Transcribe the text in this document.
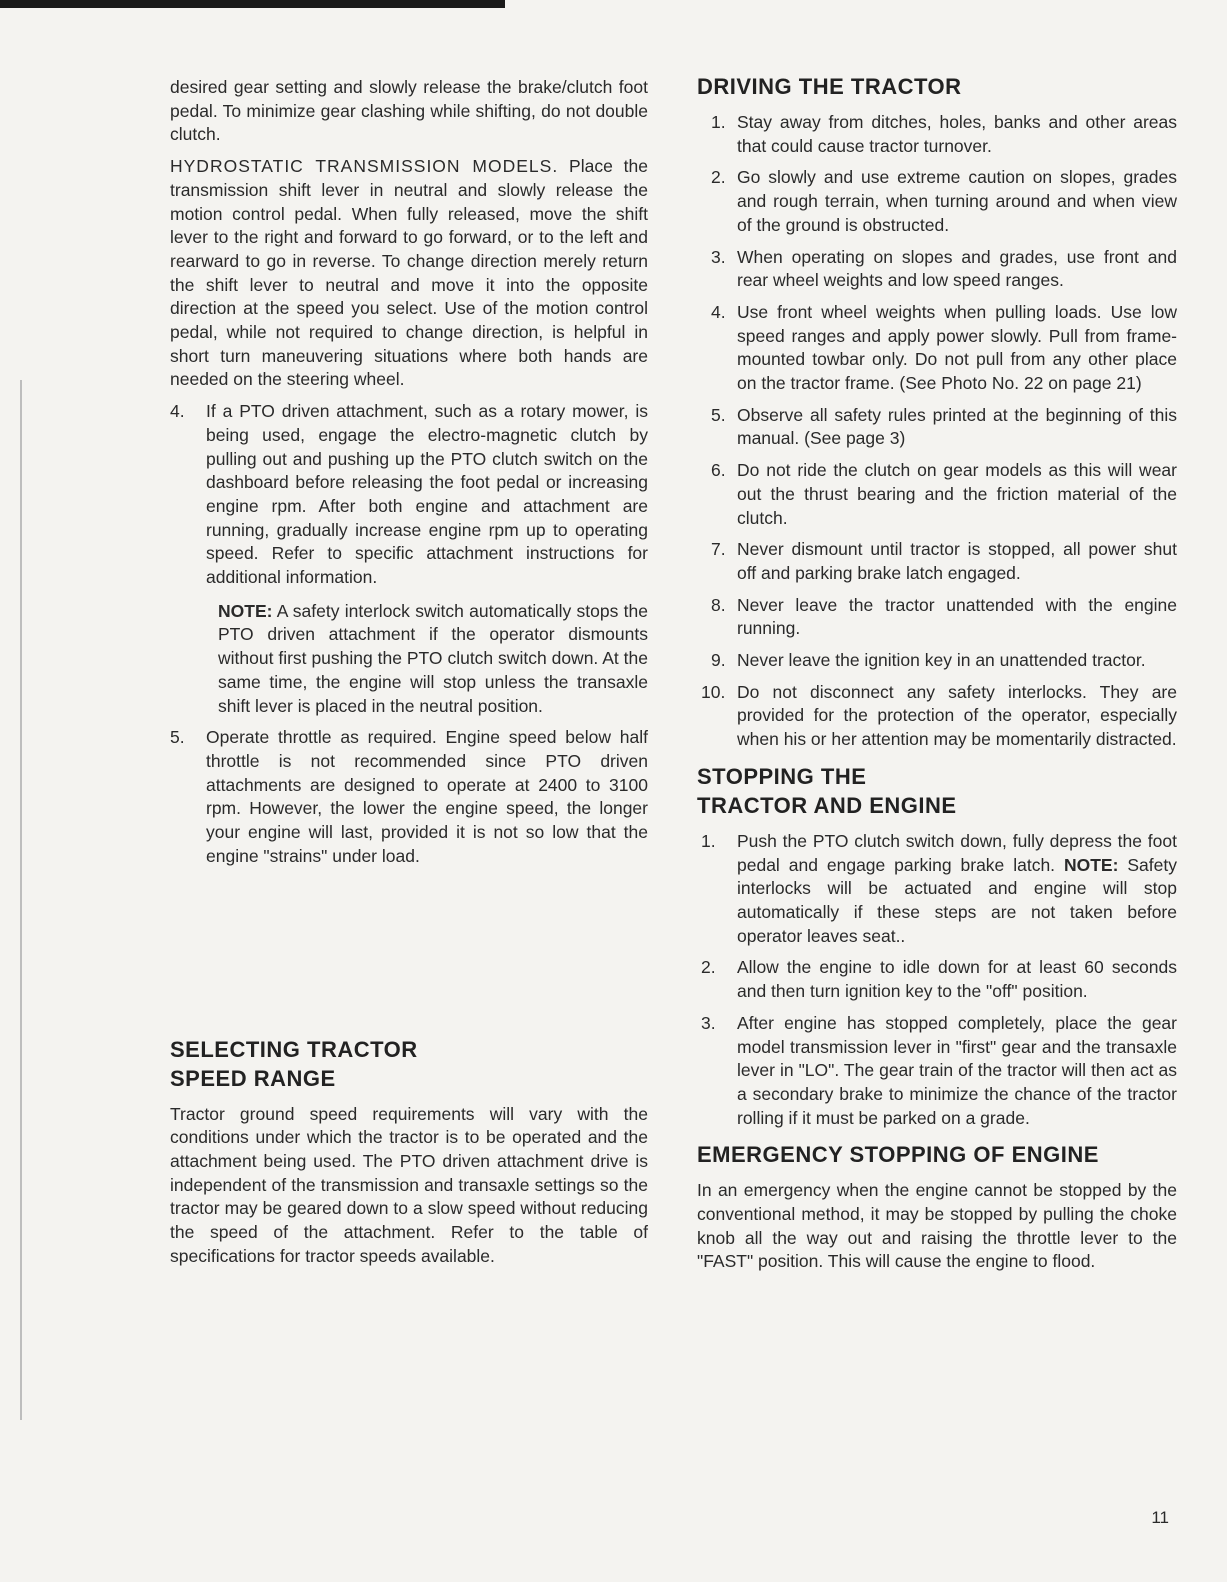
desired gear setting and slowly release the brake/clutch foot pedal. To minimize gear clashing while shifting, do not double clutch.

HYDROSTATIC TRANSMISSION MODELS. Place the transmission shift lever in neutral and slowly release the motion control pedal. When fully released, move the shift lever to the right and forward to go forward, or to the left and rearward to go in reverse. To change direction merely return the shift lever to neutral and move it into the opposite direction at the speed you select. Use of the motion control pedal, while not required to change direction, is helpful in short turn maneuvering situations where both hands are needed on the steering wheel.

4.	If a PTO driven attachment, such as a rotary mower, is being used, engage the electro-magnetic clutch by pulling out and pushing up the PTO clutch switch on the dashboard before releasing the foot pedal or increasing engine rpm. After both engine and attachment are running, gradually increase engine rpm up to operating speed. Refer to specific attachment instructions for additional information.

NOTE: A safety interlock switch automatically stops the PTO driven attachment if the operator dismounts without first pushing the PTO clutch switch down. At the same time, the engine will stop unless the transaxle shift lever is placed in the neutral position.

5.	Operate throttle as required. Engine speed below half throttle is not recommended since PTO driven attachments are designed to operate at 2400 to 3100 rpm. However, the lower the engine speed, the longer your engine will last, provided it is not so low that the engine "strains" under load.
SELECTING TRACTOR
SPEED RANGE

Tractor ground speed requirements will vary with the conditions under which the tractor is to be operated and the attachment being used. The PTO driven attachment drive is independent of the transmission and transaxle settings so the tractor may be geared down to a slow speed without reducing the speed of the attachment. Refer to the table of specifications for tractor speeds available.

DRIVING THE TRACTOR
1. Stay away from ditches, holes, banks and other areas that could cause tractor turnover.
2. Go slowly and use extreme caution on slopes, grades and rough terrain, when turning around and when view of the ground is obstructed.
3. When operating on slopes and grades, use front and rear wheel weights and low speed ranges.
4. Use front wheel weights when pulling loads. Use low speed ranges and apply power slowly. Pull from frame-mounted towbar only. Do not pull from any other place on the tractor frame. (See Photo No. 22 on page 21)
5. Observe all safety rules printed at the beginning of this manual. (See page 3)
6. Do not ride the clutch on gear models as this will wear out the thrust bearing and the friction material of the clutch.
7. Never dismount until tractor is stopped, all power shut off and parking brake latch engaged.
8. Never leave the tractor unattended with the engine running.
9. Never leave the ignition key in an unattended tractor.
10. Do not disconnect any safety interlocks. They are provided for the protection of the operator, especially when his or her attention may be momentarily distracted.
STOPPING THE
TRACTOR AND ENGINE
1.	Push the PTO clutch switch down, fully depress the foot pedal and engage parking brake latch. NOTE: Safety interlocks will be actuated and engine will stop automatically if these steps are not taken before operator leaves seat..
2.	Allow the engine to idle down for at least 60 seconds and then turn ignition key to the "off" position.
3.	After engine has stopped completely, place the gear model transmission lever in "first" gear and the transaxle lever in "LO". The gear train of the tractor will then act as a secondary brake to minimize the chance of the tractor rolling if it must be parked on a grade.
EMERGENCY STOPPING OF ENGINE

In an emergency when the engine cannot be stopped by the conventional method, it may be stopped by pulling the choke knob all the way out and raising the throttle lever to the "FAST" position. This will cause the engine to flood.

11
